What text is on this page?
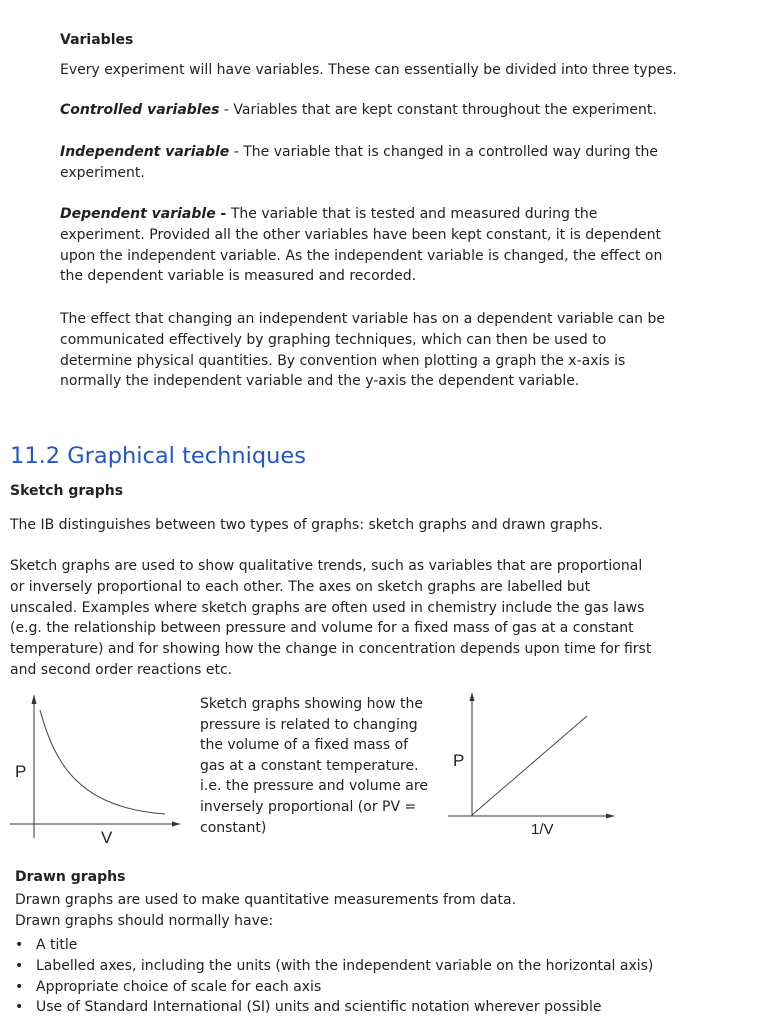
Variables

Every experiment will have variables. These can essentially be divided into three types.

Controlled variables - Variables that are kept constant throughout the experiment.

Independent variable - The variable that is changed in a controlled way during the experiment.

Dependent variable - The variable that is tested and measured during the experiment. Provided all the other variables have been kept constant, it is dependent upon the independent variable. As the independent variable is changed, the effect on the dependent variable is measured and recorded.

The effect that changing an independent variable has on a dependent variable can be communicated effectively by graphing techniques, which can then be used to determine physical quantities. By convention when plotting a graph the x-axis is normally the independent variable and the y-axis the dependent variable.

11.2 Graphical techniques
Sketch graphs

The IB distinguishes between two types of graphs: sketch graphs and drawn graphs.

Sketch graphs are used to show qualitative trends, such as variables that are proportional or inversely proportional to each other. The axes on sketch graphs are labelled but unscaled. Examples where sketch graphs are often used in chemistry include the gas laws (e.g. the relationship between pressure and volume for a fixed mass of gas at a constant temperature) and for showing how the change in concentration depends upon time for first and second order reactions etc.

P
V

Sketch graphs showing how the pressure is related to changing the volume of a fixed mass of gas at a constant temperature. i.e. the pressure and volume are inversely proportional (or PV = constant)

P
1/V
Drawn graphs

Drawn graphs are used to make quantitative measurements from data.

Drawn graphs should normally have:

• A title
• Labelled axes, including the units (with the independent variable on the horizontal axis)
• Appropriate choice of scale for each axis
• Use of Standard International (SI) units and scientific notation wherever possible
